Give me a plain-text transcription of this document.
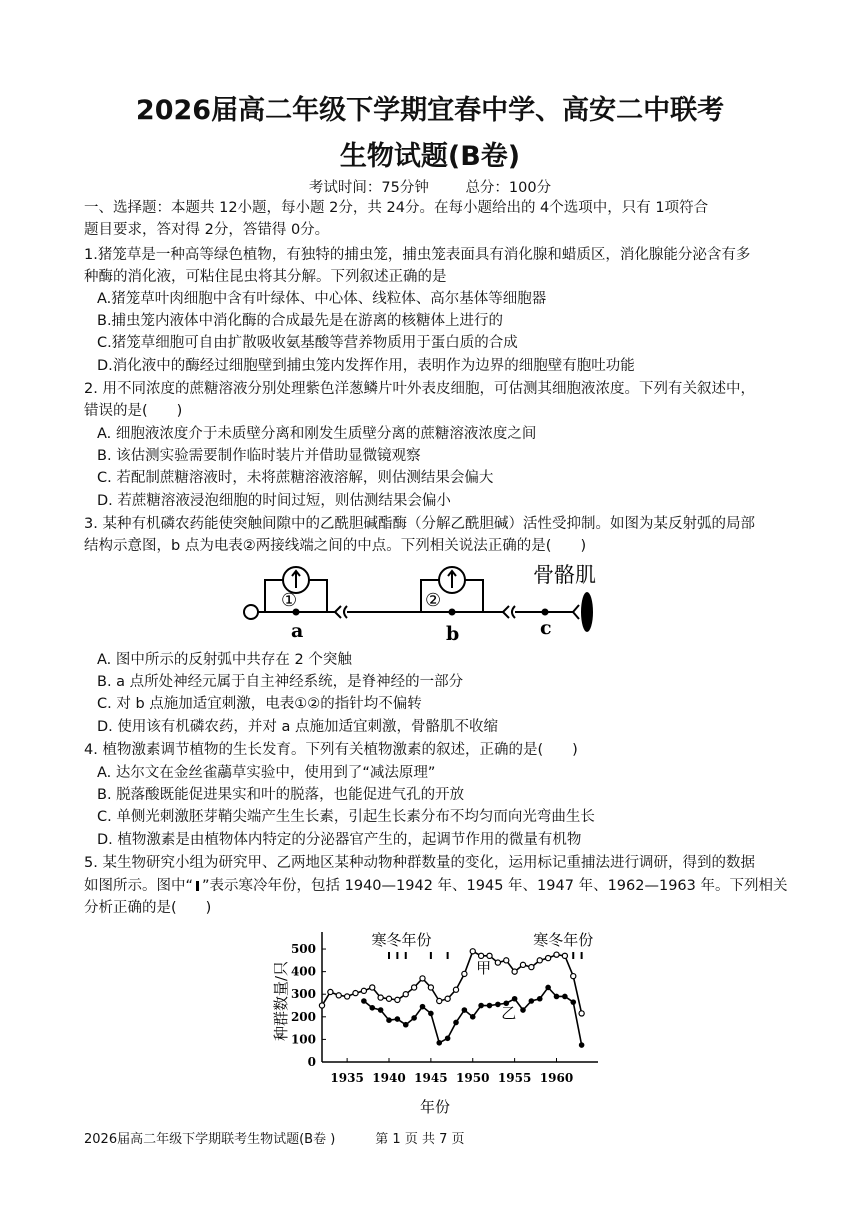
2026届高二年级下学期宜春中学、高安二中联考
生物试题(B卷)
考试时间：75分钟	总分：100分
一、选择题：本题共 12小题，每小题 2分，共 24分。在每小题给出的 4个选项中，只有 1项符合
题目要求，答对得 2分，答错得 0分。
1.猪笼草是一种高等绿色植物，有独特的捕虫笼，捕虫笼表面具有消化腺和蜡质区，消化腺能分泌含有多
种酶的消化液，可粘住昆虫将其分解。下列叙述正确的是
A.猪笼草叶肉细胞中含有叶绿体、中心体、线粒体、高尔基体等细胞器
B.捕虫笼内液体中消化酶的合成最先是在游离的核糖体上进行的
C.猪笼草细胞可自由扩散吸收氨基酸等营养物质用于蛋白质的合成
D.消化液中的酶经过细胞壁到捕虫笼内发挥作用，表明作为边界的细胞壁有胞吐功能
2. 用不同浓度的蔗糖溶液分别处理紫色洋葱鳞片叶外表皮细胞，可估测其细胞液浓度。下列有关叙述中，
错误的是(　　)
A. 细胞液浓度介于未质壁分离和刚发生质壁分离的蔗糖溶液浓度之间
B. 该估测实验需要制作临时装片并借助显微镜观察
C. 若配制蔗糖溶液时，未将蔗糖溶液溶解，则估测结果会偏大
D. 若蔗糖溶液浸泡细胞的时间过短，则估测结果会偏小
3. 某种有机磷农药能使突触间隙中的乙酰胆碱酯酶（分解乙酰胆碱）活性受抑制。如图为某反射弧的局部
结构示意图，b 点为电表②两接线端之间的中点。下列相关说法正确的是(　　)
①	②
a	b	c
骨骼肌
A. 图中所示的反射弧中共存在 2 个突触
B. a 点所处神经元属于自主神经系统，是脊神经的一部分
C. 对 b 点施加适宜刺激，电表①②的指针均不偏转
D. 使用该有机磷农药，并对 a 点施加适宜刺激，骨骼肌不收缩
4. 植物激素调节植物的生长发育。下列有关植物激素的叙述，正确的是(　　)
A. 达尔文在金丝雀虉草实验中，使用到了“减法原理”
B. 脱落酸既能促进果实和叶的脱落，也能促进气孔的开放
C. 单侧光刺激胚芽鞘尖端产生生长素，引起生长素分布不均匀而向光弯曲生长
D. 植物激素是由植物体内特定的分泌器官产生的，起调节作用的微量有机物
5. 某生物研究小组为研究甲、乙两地区某种动物种群数量的变化，运用标记重捕法进行调研，得到的数据
如图所示。图中“ ”表示寒冷年份，包括 1940—1942 年、1945 年、1947 年、1962—1963 年。下列相关
分析正确的是(　　)
0
100
200
300
400
500
1935 1940 1945 1950 1955 1960
年份
种群数量/只
寒冬年份	寒冬年份
甲
乙
2026届高二年级下学期联考生物试题(B卷 )	第 1 页 共 7 页
